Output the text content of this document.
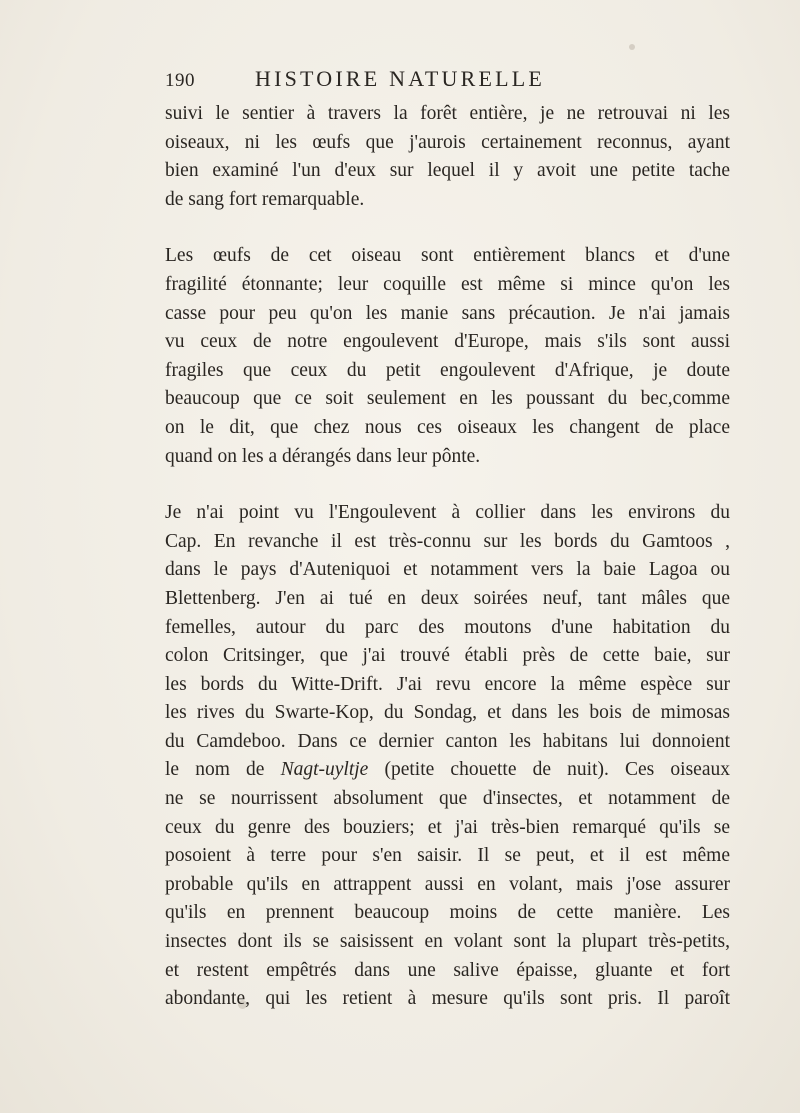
190	HISTOIRE NATURELLE

suivi le sentier à travers la forêt entière, je ne retrouvai ni les
oiseaux, ni les œufs que j'aurois certainement reconnus, ayant
bien examiné l'un d'eux sur lequel il y avoit une petite tache
de sang fort remarquable.

Les œufs de cet oiseau sont entièrement blancs et d'une
fragilité étonnante; leur coquille est même si mince qu'on les
casse pour peu qu'on les manie sans précaution. Je n'ai jamais
vu ceux de notre engoulevent d'Europe, mais s'ils sont aussi
fragiles que ceux du petit engoulevent d'Afrique, je doute
beaucoup que ce soit seulement en les poussant du bec,comme
on le dit, que chez nous ces oiseaux les changent de place
quand on les a dérangés dans leur pônte.

Je n'ai point vu l'Engoulevent à collier dans les environs du
Cap. En revanche il est très-connu sur les bords du Gamtoos ,
dans le pays d'Auteniquoi et notamment vers la baie Lagoa ou
Blettenberg. J'en ai tué en deux soirées neuf, tant mâles que
femelles, autour du parc des moutons d'une habitation du
colon Critsinger, que j'ai trouvé établi près de cette baie, sur
les bords du Witte-Drift. J'ai revu encore la même espèce sur
les rives du Swarte-Kop, du Sondag, et dans les bois de mimosas
du Camdeboo. Dans ce dernier canton les habitans lui donnoient
le nom de Nagt-uyltje (petite chouette de nuit). Ces oiseaux
ne se nourrissent absolument que d'insectes, et notamment de
ceux du genre des bouziers; et j'ai très-bien remarqué qu'ils se
posoient à terre pour s'en saisir. Il se peut, et il est même
probable qu'ils en attrappent aussi en volant, mais j'ose assurer
qu'ils en prennent beaucoup moins de cette manière. Les
insectes dont ils se saisissent en volant sont la plupart très-petits,
et restent empêtrés dans une salive épaisse, gluante et fort
abondante, qui les retient à mesure qu'ils sont pris. Il paroît
